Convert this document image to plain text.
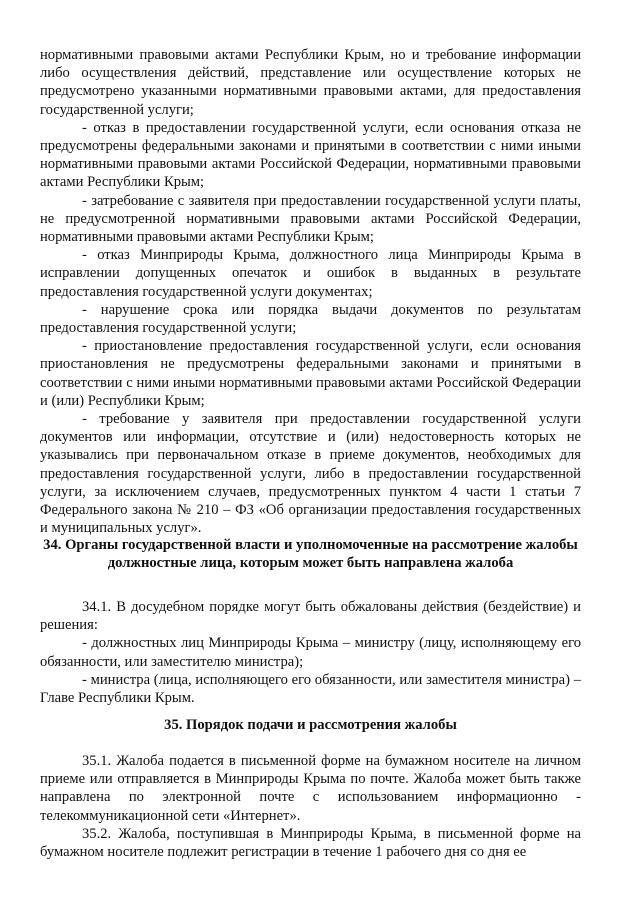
нормативными правовыми актами Республики Крым, но и требование информации либо осуществления действий, представление или осуществление которых не предусмотрено указанными нормативными правовыми актами, для предоставления государственной услуги;

- отказ в предоставлении государственной услуги, если основания отказа не предусмотрены федеральными законами и принятыми в соответствии с ними иными нормативными правовыми актами Российской Федерации, нормативными правовыми актами Республики Крым;

- затребование с заявителя при предоставлении государственной услуги платы, не предусмотренной нормативными правовыми актами Российской Федерации, нормативными правовыми актами Республики Крым;

- отказ Минприроды Крыма, должностного лица Минприроды Крыма в исправлении допущенных опечаток и ошибок в выданных в результате предоставления государственной услуги документах;

- нарушение срока или порядка выдачи документов по результатам предоставления государственной услуги;

- приостановление предоставления государственной услуги, если основания приостановления не предусмотрены федеральными законами и принятыми в соответствии с ними иными нормативными правовыми актами Российской Федерации и (или) Республики Крым;

- требование у заявителя при предоставлении государственной услуги документов или информации, отсутствие и (или) недостоверность которых не указывались при первоначальном отказе в приеме документов, необходимых для предоставления государственной услуги, либо в предоставлении государственной услуги, за исключением случаев, предусмотренных пунктом 4 части 1 статьи 7 Федерального закона № 210 – ФЗ «Об организации предоставления государственных и муниципальных услуг».

34. Органы государственной власти и уполномоченные на рассмотрение жалобы должностные лица, которым может быть направлена жалоба

34.1. В досудебном порядке могут быть обжалованы действия (бездействие) и решения:

- должностных лиц Минприроды Крыма – министру (лицу, исполняющему его обязанности, или заместителю министра);

- министра (лица, исполняющего его обязанности, или заместителя министра) – Главе Республики Крым.

35. Порядок подачи и рассмотрения жалобы

35.1. Жалоба подается в письменной форме на бумажном носителе на личном приеме или отправляется в Минприроды Крыма по почте. Жалоба может быть также направлена по электронной почте с использованием информационно - телекоммуникационной сети «Интернет».

35.2. Жалоба, поступившая в Минприроды Крыма, в письменной форме на бумажном носителе подлежит регистрации в течение 1 рабочего дня со дня ее
